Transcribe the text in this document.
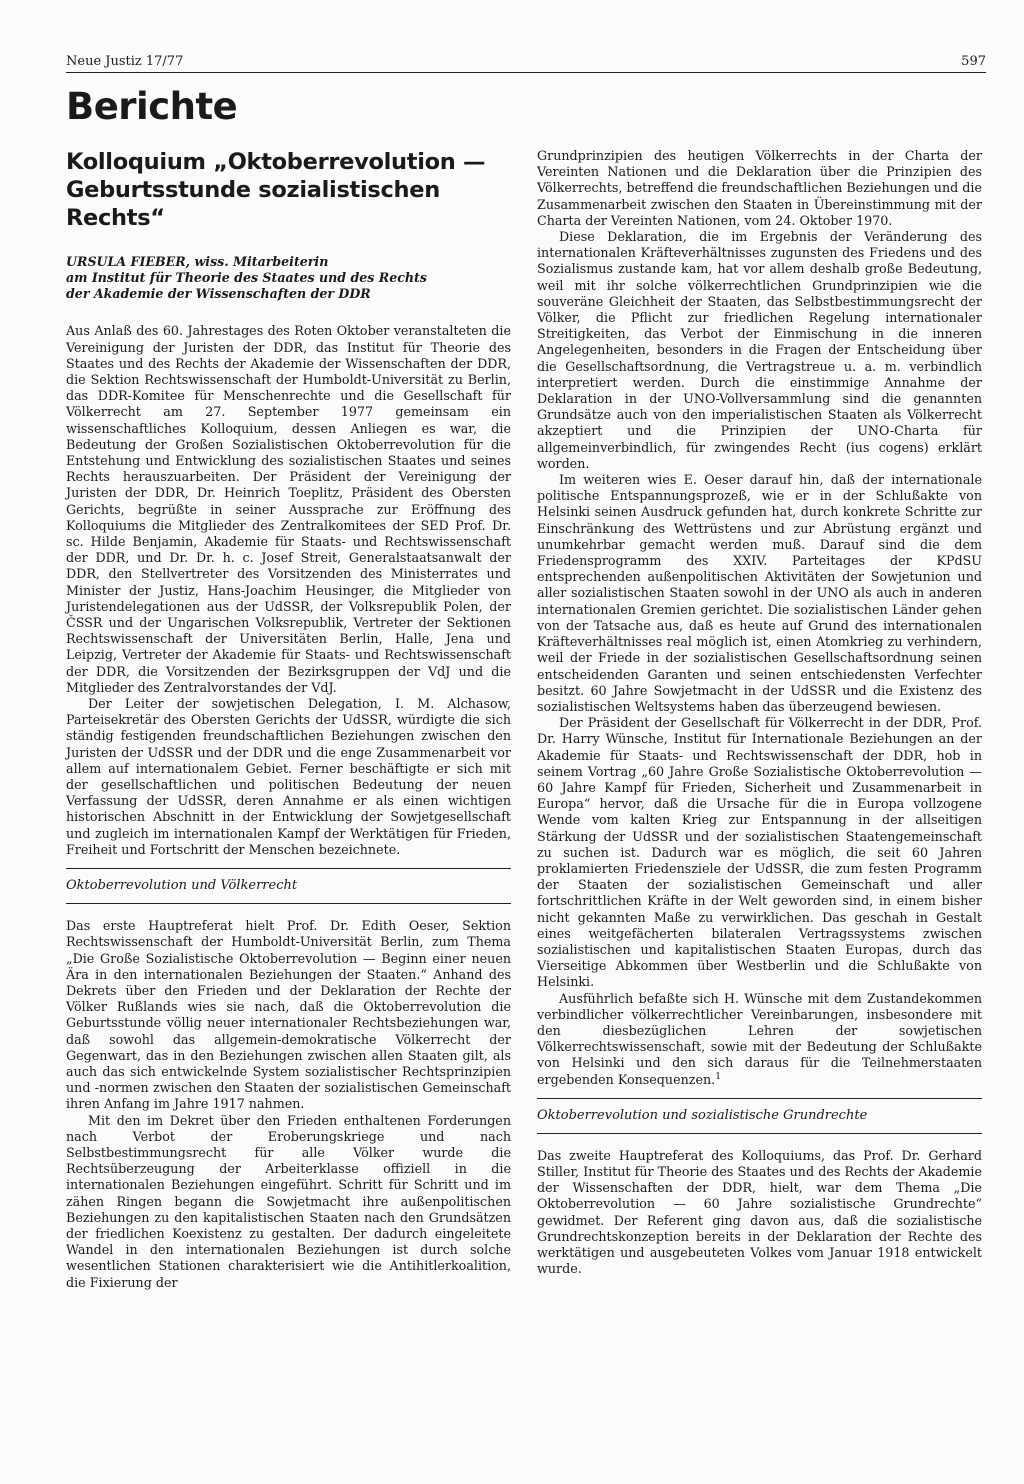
Neue Justiz 17/77	597
Berichte
Kolloquium „Oktoberrevolution — Geburtsstunde sozialistischen Rechts“
URSULA FIEBER, wiss. Mitarbeiterin
am Institut für Theorie des Staates und des Rechts
der Akademie der Wissenschaften der DDR

Aus Anlaß des 60. Jahrestages des Roten Oktober veranstalteten die Vereinigung der Juristen der DDR, das Institut für Theorie des Staates und des Rechts der Akademie der Wissenschaften der DDR, die Sektion Rechtswissenschaft der Humboldt-Universität zu Berlin, das DDR-Komitee für Menschenrechte und die Gesellschaft für Völkerrecht am 27. September 1977 gemeinsam ein wissenschaftliches Kolloquium, dessen Anliegen es war, die Bedeutung der Großen Sozialistischen Oktoberrevolution für die Entstehung und Entwicklung des sozialistischen Staates und seines Rechts herauszuarbeiten. Der Präsident der Vereinigung der Juristen der DDR, Dr. Heinrich Toeplitz, Präsident des Obersten Gerichts, begrüßte in seiner Aussprache zur Eröffnung des Kolloquiums die Mitglieder des Zentralkomitees der SED Prof. Dr. sc. Hilde Benjamin, Akademie für Staats- und Rechtswissenschaft der DDR, und Dr. Dr. h. c. Josef Streit, Generalstaatsanwalt der DDR, den Stellvertreter des Vorsitzenden des Ministerrates und Minister der Justiz, Hans-Joachim Heusinger, die Mitglieder von Juristendelegationen aus der UdSSR, der Volksrepublik Polen, der ČSSR und der Ungarischen Volksrepublik, Vertreter der Sektionen Rechtswissenschaft der Universitäten Berlin, Halle, Jena und Leipzig, Vertreter der Akademie für Staats- und Rechtswissenschaft der DDR, die Vorsitzenden der Bezirksgruppen der VdJ und die Mitglieder des Zentralvorstandes der VdJ.

Der Leiter der sowjetischen Delegation, I. M. Alchasow, Parteisekretär des Obersten Gerichts der UdSSR, würdigte die sich ständig festigenden freundschaftlichen Beziehungen zwischen den Juristen der UdSSR und der DDR und die enge Zusammenarbeit vor allem auf internationalem Gebiet. Ferner beschäftigte er sich mit der gesellschaftlichen und politischen Bedeutung der neuen Verfassung der UdSSR, deren Annahme er als einen wichtigen historischen Abschnitt in der Entwicklung der Sowjetgesellschaft und zugleich im internationalen Kampf der Werktätigen für Frieden, Freiheit und Fortschritt der Menschen bezeichnete.

Oktoberrevolution und Völkerrecht

Das erste Hauptreferat hielt Prof. Dr. Edith Oeser, Sektion Rechtswissenschaft der Humboldt-Universität Berlin, zum Thema „Die Große Sozialistische Oktoberrevolution — Beginn einer neuen Ära in den internationalen Beziehungen der Staaten.“ Anhand des Dekrets über den Frieden und der Deklaration der Rechte der Völker Rußlands wies sie nach, daß die Oktoberrevolution die Geburtsstunde völlig neuer internationaler Rechtsbeziehungen war, daß sowohl das allgemein-demokratische Völkerrecht der Gegenwart, das in den Beziehungen zwischen allen Staaten gilt, als auch das sich entwickelnde System sozialistischer Rechtsprinzipien und -normen zwischen den Staaten der sozialistischen Gemeinschaft ihren Anfang im Jahre 1917 nahmen.

Mit den im Dekret über den Frieden enthaltenen Forderungen nach Verbot der Eroberungskriege und nach Selbstbestimmungsrecht für alle Völker wurde die Rechtsüberzeugung der Arbeiterklasse offiziell in die internationalen Beziehungen eingeführt. Schritt für Schritt und im zähen Ringen begann die Sowjetmacht ihre außenpolitischen Beziehungen zu den kapitalistischen Staaten nach den Grundsätzen der friedlichen Koexistenz zu gestalten. Der dadurch eingeleitete Wandel in den internationalen Beziehungen ist durch solche wesentlichen Stationen charakterisiert wie die Antihitlerkoalition, die Fixierung der

Grundprinzipien des heutigen Völkerrechts in der Charta der Vereinten Nationen und die Deklaration über die Prinzipien des Völkerrechts, betreffend die freundschaftlichen Beziehungen und die Zusammenarbeit zwischen den Staaten in Übereinstimmung mit der Charta der Vereinten Nationen, vom 24. Oktober 1970.

Diese Deklaration, die im Ergebnis der Veränderung des internationalen Kräfteverhältnisses zugunsten des Friedens und des Sozialismus zustande kam, hat vor allem deshalb große Bedeutung, weil mit ihr solche völkerrechtlichen Grundprinzipien wie die souveräne Gleichheit der Staaten, das Selbstbestimmungsrecht der Völker, die Pflicht zur friedlichen Regelung internationaler Streitigkeiten, das Verbot der Einmischung in die inneren Angelegenheiten, besonders in die Fragen der Entscheidung über die Gesellschaftsordnung, die Vertragstreue u. a. m. verbindlich interpretiert werden. Durch die einstimmige Annahme der Deklaration in der UNO-Vollversammlung sind die genannten Grundsätze auch von den imperialistischen Staaten als Völkerrecht akzeptiert und die Prinzipien der UNO-Charta für allgemeinverbindlich, für zwingendes Recht (ius cogens) erklärt worden.

Im weiteren wies E. Oeser darauf hin, daß der internationale politische Entspannungsprozeß, wie er in der Schlußakte von Helsinki seinen Ausdruck gefunden hat, durch konkrete Schritte zur Einschränkung des Wettrüstens und zur Abrüstung ergänzt und unumkehrbar gemacht werden muß. Darauf sind die dem Friedensprogramm des XXIV. Parteitages der KPdSU entsprechenden außenpolitischen Aktivitäten der Sowjetunion und aller sozialistischen Staaten sowohl in der UNO als auch in anderen internationalen Gremien gerichtet. Die sozialistischen Länder gehen von der Tatsache aus, daß es heute auf Grund des internationalen Kräfteverhältnisses real möglich ist, einen Atomkrieg zu verhindern, weil der Friede in der sozialistischen Gesellschaftsordnung seinen entscheidenden Garanten und seinen entschiedensten Verfechter besitzt. 60 Jahre Sowjetmacht in der UdSSR und die Existenz des sozialistischen Weltsystems haben das überzeugend bewiesen.

Der Präsident der Gesellschaft für Völkerrecht in der DDR, Prof. Dr. Harry Wünsche, Institut für Internationale Beziehungen an der Akademie für Staats- und Rechtswissenschaft der DDR, hob in seinem Vortrag „60 Jahre Große Sozialistische Oktoberrevolution — 60 Jahre Kampf für Frieden, Sicherheit und Zusammenarbeit in Europa“ hervor, daß die Ursache für die in Europa vollzogene Wende vom kalten Krieg zur Entspannung in der allseitigen Stärkung der UdSSR und der sozialistischen Staatengemeinschaft zu suchen ist. Dadurch war es möglich, die seit 60 Jahren proklamierten Friedensziele der UdSSR, die zum festen Programm der Staaten der sozialistischen Gemeinschaft und aller fortschrittlichen Kräfte in der Welt geworden sind, in einem bisher nicht gekannten Maße zu verwirklichen. Das geschah in Gestalt eines weitgefächerten bilateralen Vertragssystems zwischen sozialistischen und kapitalistischen Staaten Europas, durch das Vierseitige Abkommen über Westberlin und die Schlußakte von Helsinki.

Ausführlich befaßte sich H. Wünsche mit dem Zustandekommen verbindlicher völkerrechtlicher Vereinbarungen, insbesondere mit den diesbezüglichen Lehren der sowjetischen Völkerrechtswissenschaft, sowie mit der Bedeutung der Schlußakte von Helsinki und den sich daraus für die Teilnehmerstaaten ergebenden Konsequenzen.$^1$

Oktoberrevolution und sozialistische Grundrechte

Das zweite Hauptreferat des Kolloquiums, das Prof. Dr. Gerhard Stiller, Institut für Theorie des Staates und des Rechts der Akademie der Wissenschaften der DDR, hielt, war dem Thema „Die Oktoberrevolution — 60 Jahre sozialistische Grundrechte“ gewidmet. Der Referent ging davon aus, daß die sozialistische Grundrechtskonzeption bereits in der Deklaration der Rechte des werktätigen und ausgebeuteten Volkes vom Januar 1918 entwickelt wurde.
